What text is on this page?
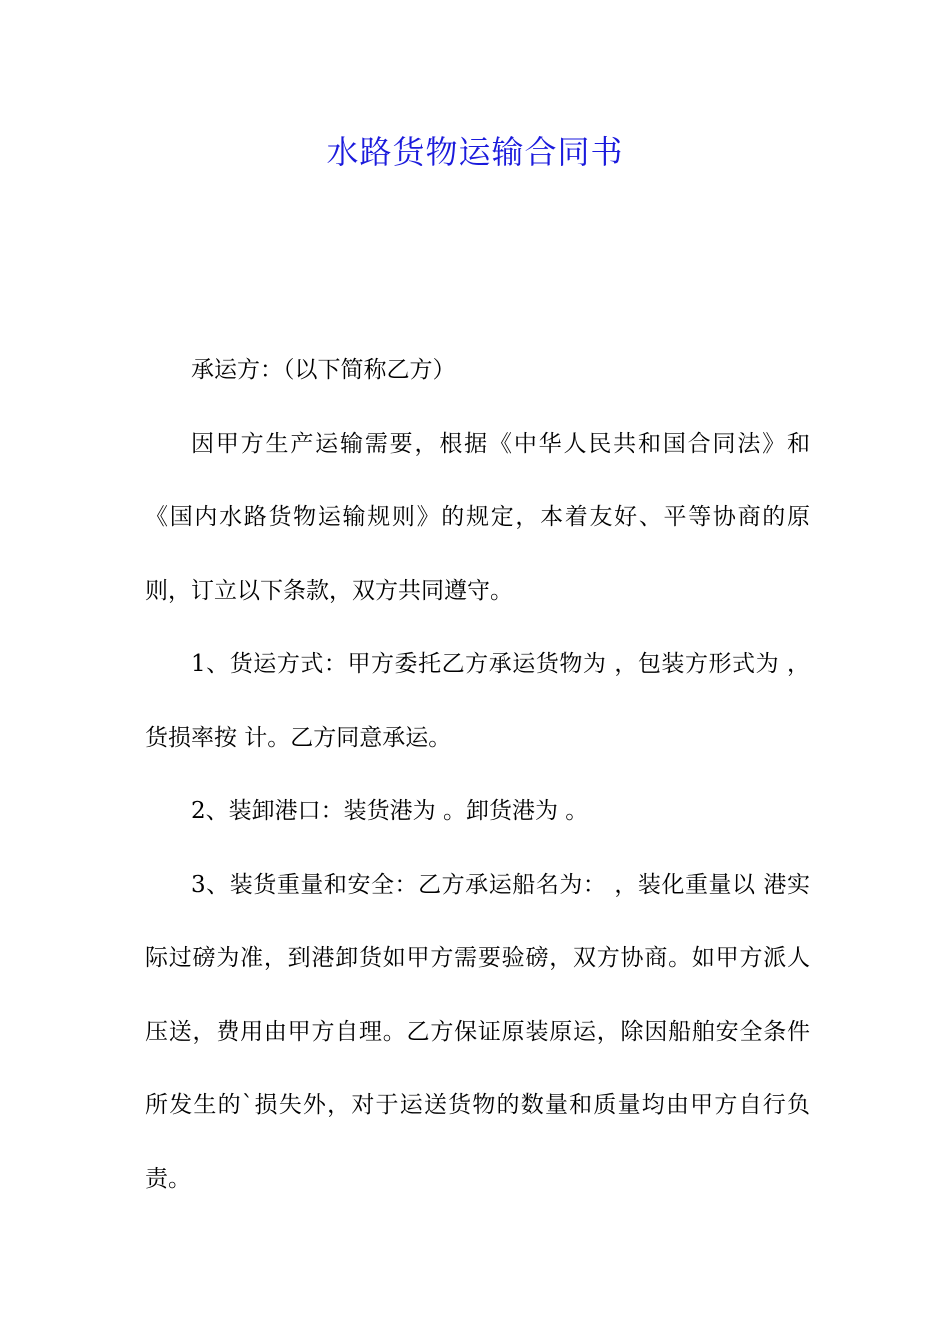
水路货物运输合同书

承运方：（以下简称乙方）

因甲方生产运输需要，根据《中华人民共和国合同法》和《国内水路货物运输规则》的规定，本着友好、平等协商的原则，订立以下条款，双方共同遵守。

1、货运方式：甲方委托乙方承运货物为 ，包装方形式为 ，货损率按 计。乙方同意承运。

2、装卸港口：装货港为 。卸货港为 。

3、装货重量和安全：乙方承运船名为： ，装化重量以 港实际过磅为准，到港卸货如甲方需要验磅，双方协商。如甲方派人压送，费用由甲方自理。乙方保证原装原运，除因船舶安全条件所发生的`损失外，对于运送货物的数量和质量均由甲方自行负责。
